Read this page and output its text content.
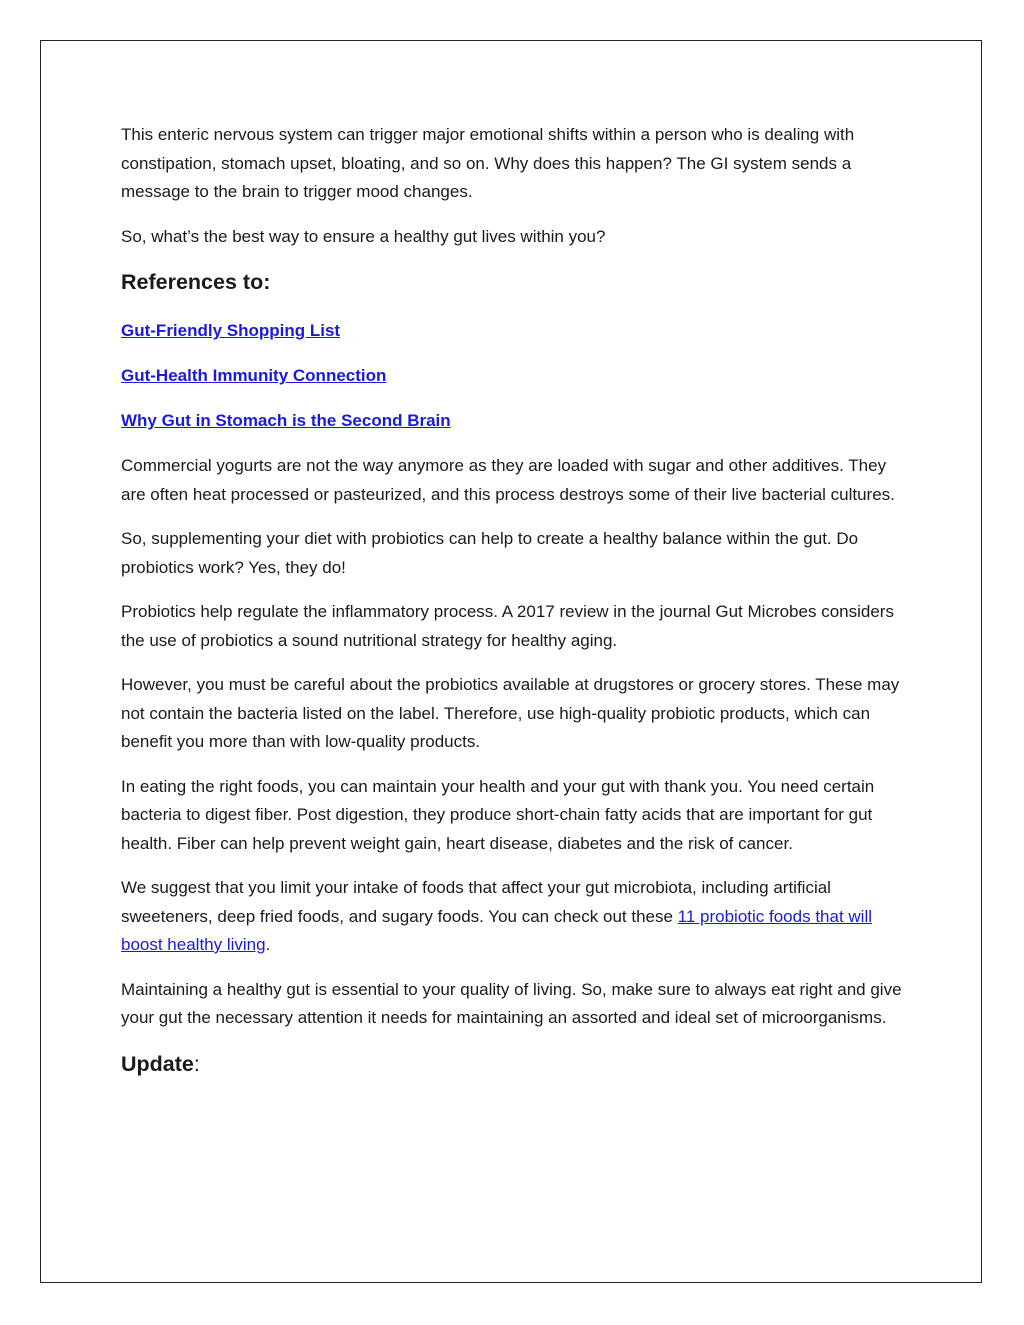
This enteric nervous system can trigger major emotional shifts within a person who is dealing with constipation, stomach upset, bloating, and so on. Why does this happen? The GI system sends a message to the brain to trigger mood changes.

So, what’s the best way to ensure a healthy gut lives within you?

References to:
Gut-Friendly Shopping List
Gut-Health Immunity Connection
Why Gut in Stomach is the Second Brain

Commercial yogurts are not the way anymore as they are loaded with sugar and other additives. They are often heat processed or pasteurized, and this process destroys some of their live bacterial cultures.

So, supplementing your diet with probiotics can help to create a healthy balance within the gut. Do probiotics work? Yes, they do!

Probiotics help regulate the inflammatory process. A 2017 review in the journal Gut Microbes considers the use of probiotics a sound nutritional strategy for healthy aging.

However, you must be careful about the probiotics available at drugstores or grocery stores. These may not contain the bacteria listed on the label. Therefore, use high-quality probiotic products, which can benefit you more than with low-quality products.

In eating the right foods, you can maintain your health and your gut with thank you. You need certain bacteria to digest fiber. Post digestion, they produce short-chain fatty acids that are important for gut health. Fiber can help prevent weight gain, heart disease, diabetes and the risk of cancer.

We suggest that you limit your intake of foods that affect your gut microbiota, including artificial sweeteners, deep fried foods, and sugary foods. You can check out these 11 probiotic foods that will boost healthy living.

Maintaining a healthy gut is essential to your quality of living. So, make sure to always eat right and give your gut the necessary attention it needs for maintaining an assorted and ideal set of microorganisms.

Update:
